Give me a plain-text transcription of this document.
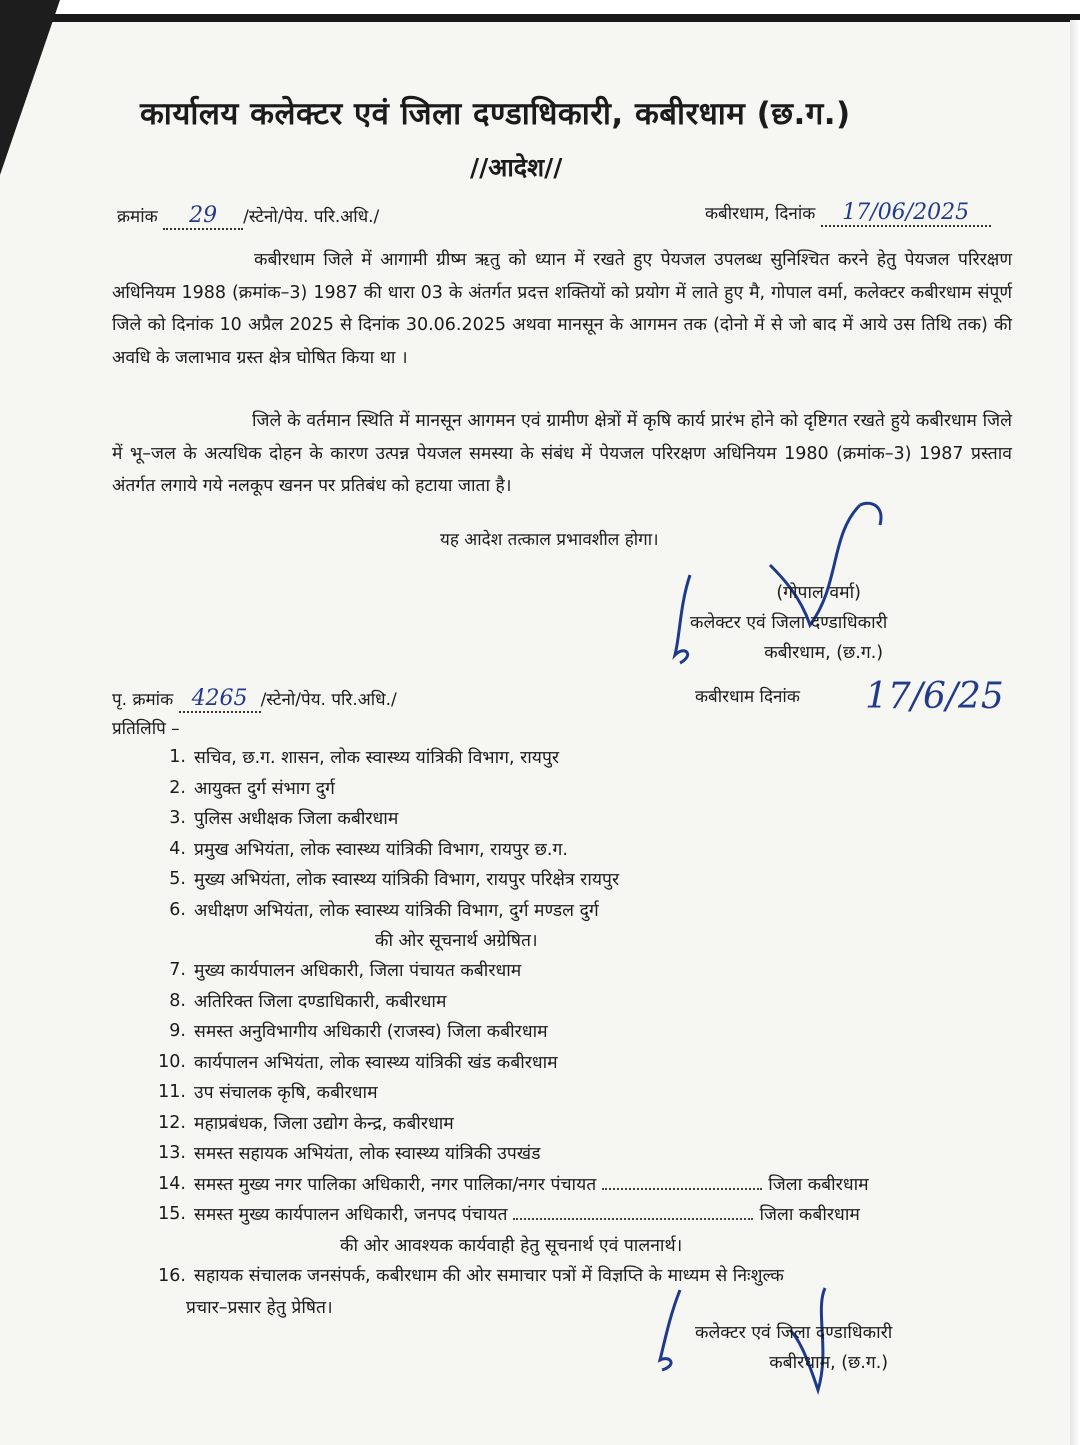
कार्यालय कलेक्टर एवं जिला दण्डाधिकारी, कबीरधाम (छ.ग.)
//आदेश//
क्रमांक 29 /स्टेनो/पेय. परि.अधि./	कबीरधाम, दिनांक 17/06/2025
कबीरधाम जिले में आगामी ग्रीष्म ऋतु को ध्यान में रखते हुए पेयजल उपलब्ध सुनिश्चित करने हेतु पेयजल परिरक्षण अधिनियम 1988 (क्रमांक–3) 1987 की धारा 03 के अंतर्गत प्रदत्त शक्तियों को प्रयोग में लाते हुए मै, गोपाल वर्मा, कलेक्टर कबीरधाम संपूर्ण जिले को दिनांक 10 अप्रैल 2025 से दिनांक 30.06.2025 अथवा मानसून के आगमन तक (दोनो में से जो बाद में आये उस तिथि तक) की अवधि के जलाभाव ग्रस्त क्षेत्र घोषित किया था ।
जिले के वर्तमान स्थिति में मानसून आगमन एवं ग्रामीण क्षेत्रों में कृषि कार्य प्रारंभ होने को दृष्टिगत रखते हुये कबीरधाम जिले में भू–जल के अत्यधिक दोहन के कारण उत्पन्न पेयजल समस्या के संबंध में पेयजल परिरक्षण अधिनियम 1980 (क्रमांक–3) 1987 प्रस्ताव अंतर्गत लगाये गये नलकूप खनन पर प्रतिबंध को हटाया जाता है।
यह आदेश तत्काल प्रभावशील होगा।
(गोपाल वर्मा)
कलेक्टर एवं जिला दण्डाधिकारी
कबीरधाम, (छ.ग.)
पृ. क्रमांक 4265 /स्टेनो/पेय. परि.अधि./	कबीरधाम दिनांक 17/6/25
प्रतिलिपि –
1. सचिव, छ.ग. शासन, लोक स्वास्थ्य यांत्रिकी विभाग, रायपुर
2. आयुक्त दुर्ग संभाग दुर्ग
3. पुलिस अधीक्षक जिला कबीरधाम
4. प्रमुख अभियंता, लोक स्वास्थ्य यांत्रिकी विभाग, रायपुर छ.ग.
5. मुख्य अभियंता, लोक स्वास्थ्य यांत्रिकी विभाग, रायपुर परिक्षेत्र रायपुर
6. अधीक्षण अभियंता, लोक स्वास्थ्य यांत्रिकी विभाग, दुर्ग मण्डल दुर्ग
की ओर सूचनार्थ अग्रेषित।
7. मुख्य कार्यपालन अधिकारी, जिला पंचायत कबीरधाम
8. अतिरिक्त जिला दण्डाधिकारी, कबीरधाम
9. समस्त अनुविभागीय अधिकारी (राजस्व) जिला कबीरधाम
10. कार्यपालन अभियंता, लोक स्वास्थ्य यांत्रिकी खंड कबीरधाम
11. उप संचालक कृषि, कबीरधाम
12. महाप्रबंधक, जिला उद्योग केन्द्र, कबीरधाम
13. समस्त सहायक अभियंता, लोक स्वास्थ्य यांत्रिकी उपखंड
14. समस्त मुख्य नगर पालिका अधिकारी, नगर पालिका/नगर पंचायत	जिला कबीरधाम
15. समस्त मुख्य कार्यपालन अधिकारी, जनपद पंचायत	जिला कबीरधाम
की ओर आवश्यक कार्यवाही हेतु सूचनार्थ एवं पालनार्थ।
16. सहायक संचालक जनसंपर्क, कबीरधाम की ओर समाचार पत्रों में विज्ञप्ति के माध्यम से निःशुल्क
प्रचार–प्रसार हेतु प्रेषित।
कलेक्टर एवं जिला दण्डाधिकारी
कबीरधाम, (छ.ग.)
